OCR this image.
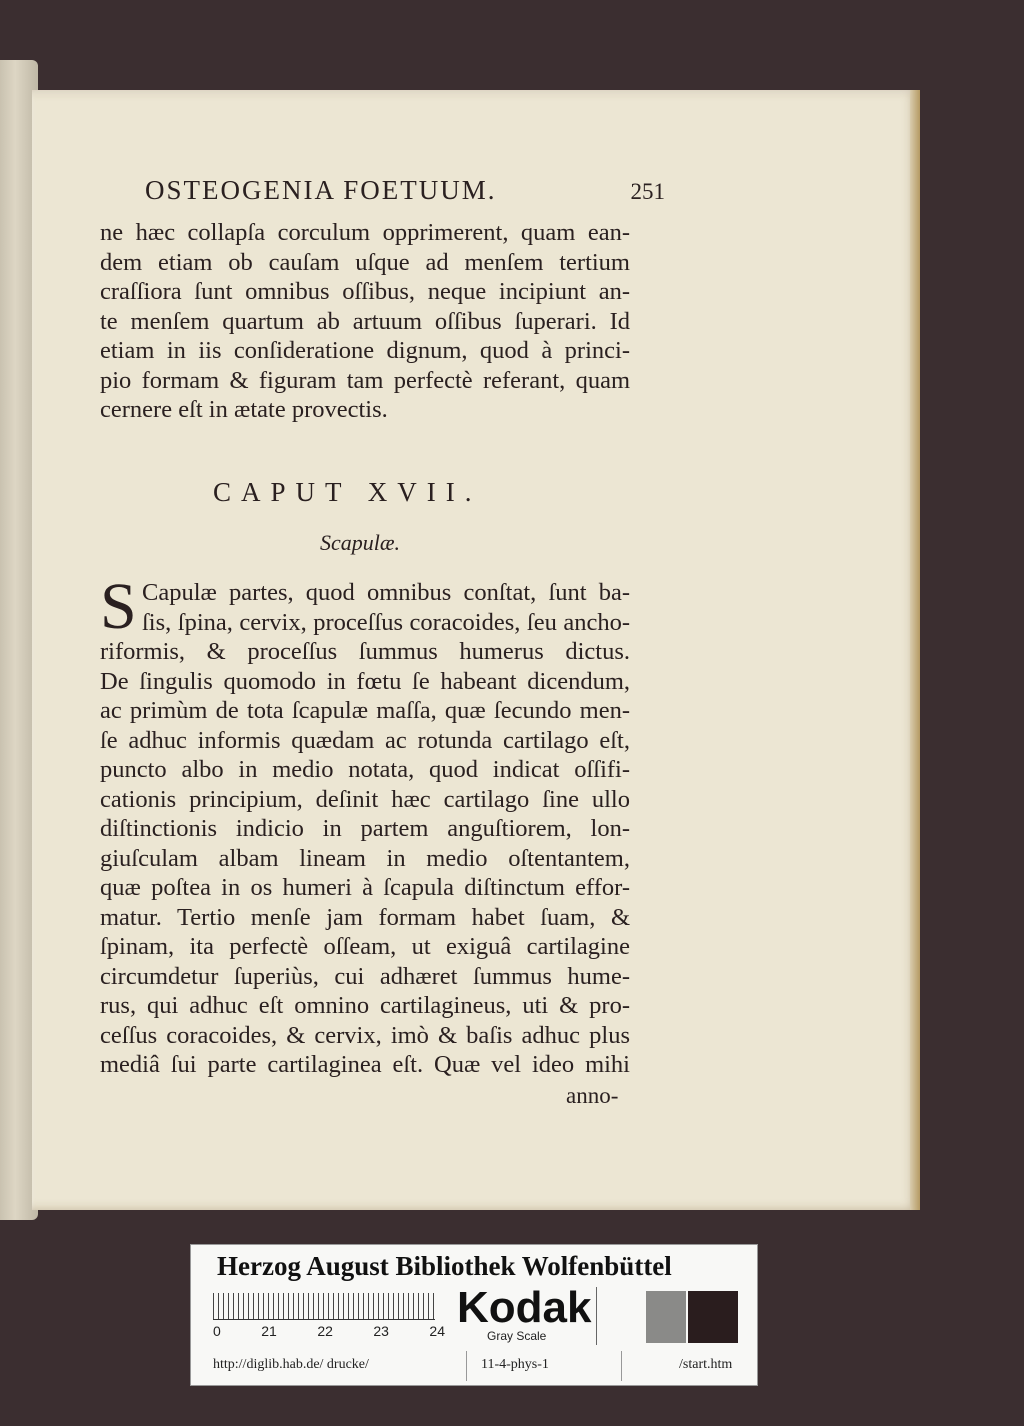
OSTEOGENIA FOETUUM.	251
ne hæc collapſa corculum opprimerent, quam ean-
dem etiam ob cauſam uſque ad menſem tertium
craſſiora ſunt omnibus oſſibus, neque incipiunt an-
te menſem quartum ab artuum oſſibus ſuperari. Id
etiam in iis conſideratione dignum, quod à princi-
pio formam & figuram tam perfectè referant, quam
cernere eſt in ætate provectis.
CAPUT XVII.
Scapulæ.
S Capulæ partes, quod omnibus conſtat, ſunt ba-
ſis, ſpina, cervix, proceſſus coracoides, ſeu ancho-
riformis, & proceſſus ſummus humerus dictus.
De ſingulis quomodo in fœtu ſe habeant dicendum,
ac primùm de tota ſcapulæ maſſa, quæ ſecundo men-
ſe adhuc informis quædam ac rotunda cartilago eſt,
puncto albo in medio notata, quod indicat oſſifi-
cationis principium, deſinit hæc cartilago ſine ullo
diſtinctionis indicio in partem anguſtiorem, lon-
giuſculam albam lineam in medio oſtentantem,
quæ poſtea in os humeri à ſcapula diſtinctum effor-
matur. Tertio menſe jam formam habet ſuam, &
ſpinam, ita perfectè oſſeam, ut exiguâ cartilagine
circumdetur ſuperiùs, cui adhæret ſummus hume-
rus, qui adhuc eſt omnino cartilagineus, uti & pro-
ceſſus coracoides, & cervix, imò & baſis adhuc plus
mediâ ſui parte cartilaginea eſt. Quæ vel ideo mihi
anno-
Herzog August Bibliothek Wolfenbüttel
0	21	22	23	24 Kodak
Gray Scale
http://diglib.hab.de/ drucke/	11-4-phys-1	/start.htm
